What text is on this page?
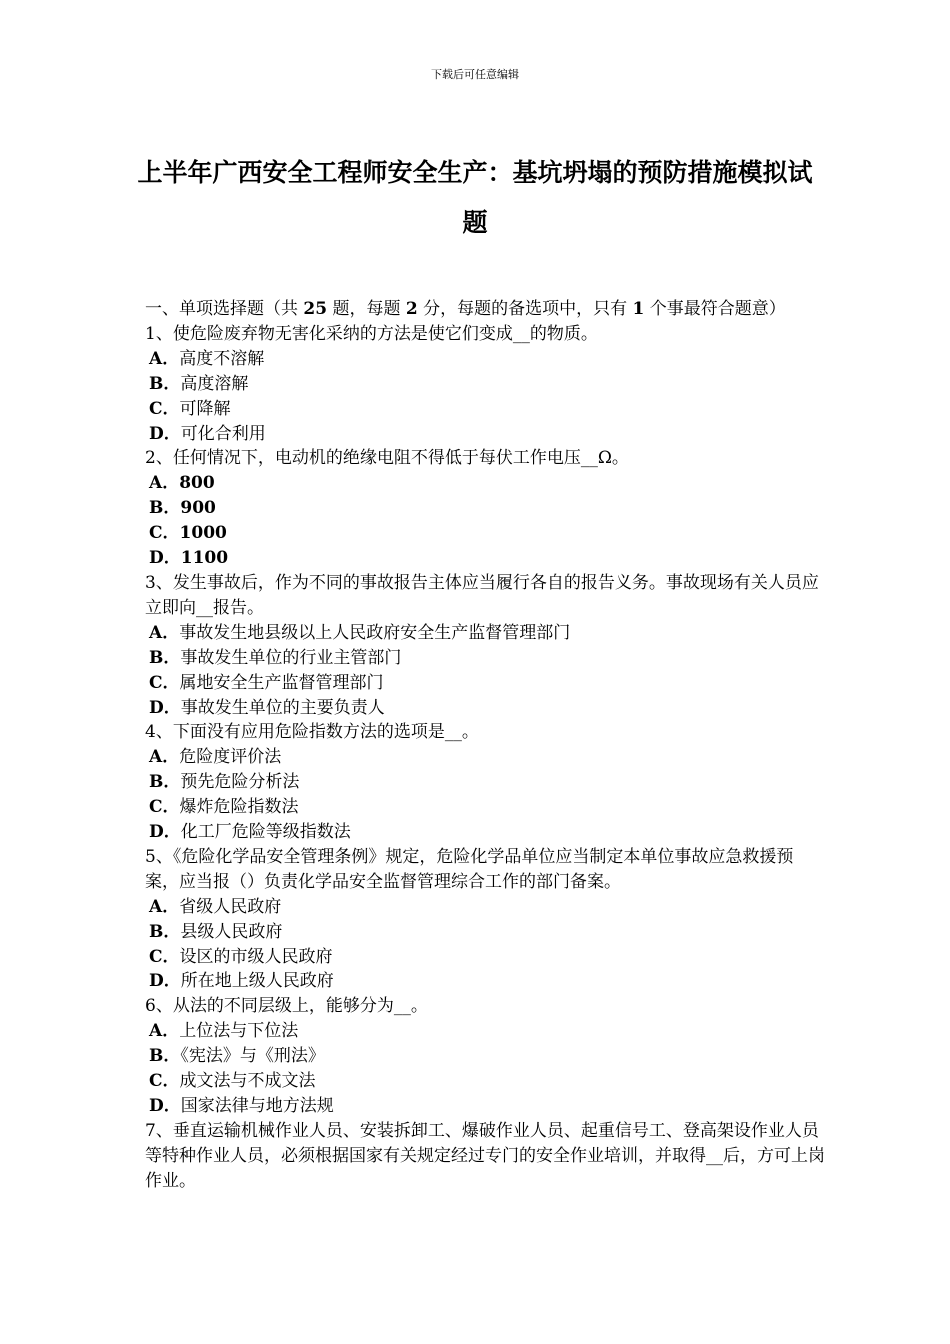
下载后可任意编辑
上半年广西安全工程师安全生产：基坑坍塌的预防措施模拟试题

一、单项选择题（共 25 题，每题 2 分，每题的备选项中，只有 1 个事最符合题意）

1、使危险废弃物无害化采纳的方法是使它们变成__的物质。

A．高度不溶解

B．高度溶解

C．可降解

D．可化合利用

2、任何情况下，电动机的绝缘电阻不得低于每伏工作电压__Ω。

A．800

B．900

C．1000

D．1100

3、发生事故后，作为不同的事故报告主体应当履行各自的报告义务。事故现场有关人员应立即向__报告。

A．事故发生地县级以上人民政府安全生产监督管理部门

B．事故发生单位的行业主管部门

C．属地安全生产监督管理部门

D．事故发生单位的主要负责人

4、下面没有应用危险指数方法的选项是__。

A．危险度评价法

B．预先危险分析法

C．爆炸危险指数法

D．化工厂危险等级指数法

5、《危险化学品安全管理条例》规定，危险化学品单位应当制定本单位事故应急救援预案，应当报（）负责化学品安全监督管理综合工作的部门备案。

A．省级人民政府

B．县级人民政府

C．设区的市级人民政府

D．所在地上级人民政府

6、从法的不同层级上，能够分为__。

A．上位法与下位法

B．《宪法》与《刑法》

C．成文法与不成文法

D．国家法律与地方法规

7、垂直运输机械作业人员、安装拆卸工、爆破作业人员、起重信号工、登高架设作业人员等特种作业人员，必须根据国家有关规定经过专门的安全作业培训，并取得__后，方可上岗作业。
